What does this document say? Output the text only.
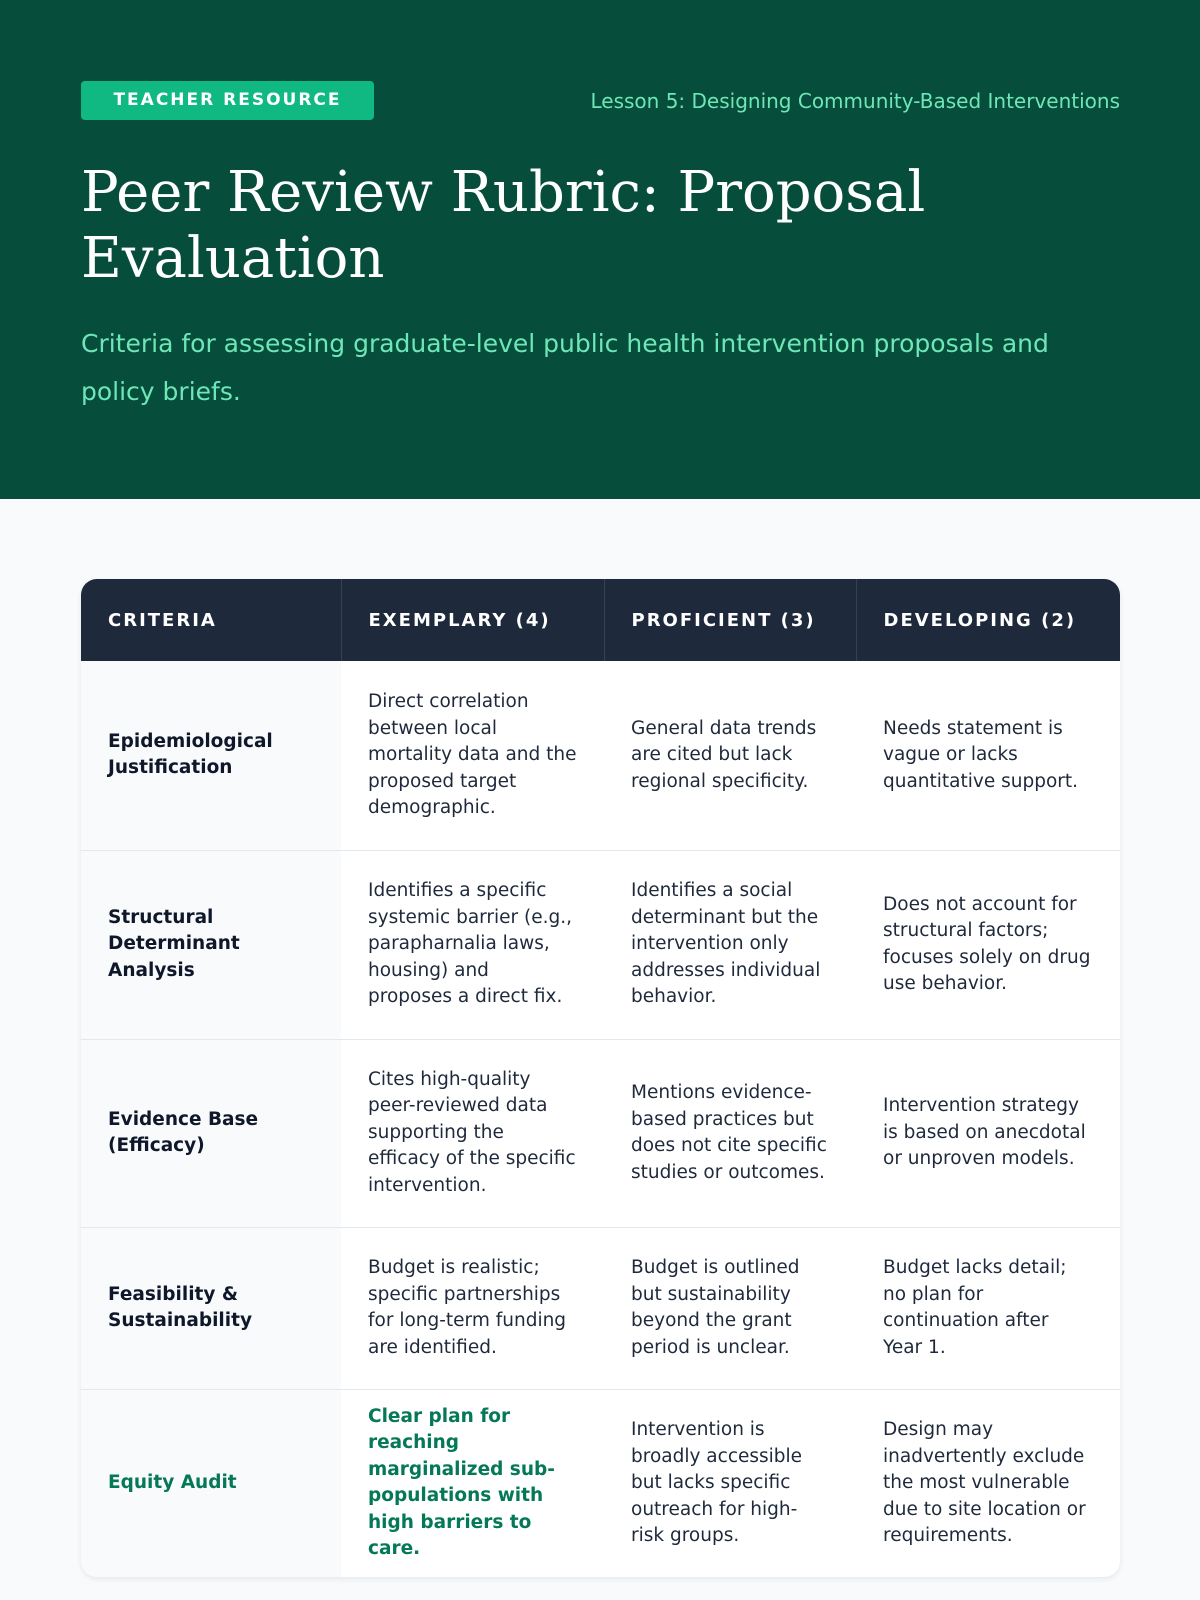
TEACHER RESOURCE	Lesson 5: Designing Community-Based Interventions
Peer Review Rubric: Proposal Evaluation

Criteria for assessing graduate-level public health intervention proposals and policy briefs.

CRITERIA	EXEMPLARY (4)	PROFICIENT (3)	DEVELOPING (2)
Epidemiological Justification	Direct correlation between local mortality data and the proposed target demographic.	General data trends are cited but lack regional specificity.	Needs statement is vague or lacks quantitative support.
Structural Determinant Analysis	Identifies a specific systemic barrier (e.g., parapharnalia laws, housing) and proposes a direct fix.	Identifies a social determinant but the intervention only addresses individual behavior.	Does not account for structural factors; focuses solely on drug use behavior.
Evidence Base (Efficacy)	Cites high-quality peer-reviewed data supporting the efficacy of the specific intervention.	Mentions evidence-based practices but does not cite specific studies or outcomes.	Intervention strategy is based on anecdotal or unproven models.
Feasibility & Sustainability	Budget is realistic; specific partnerships for long-term funding are identified.	Budget is outlined but sustainability beyond the grant period is unclear.	Budget lacks detail; no plan for continuation after Year 1.
Equity Audit	Clear plan for reaching marginalized sub-populations with high barriers to care.	Intervention is broadly accessible but lacks specific outreach for high-risk groups.	Design may inadvertently exclude the most vulnerable due to site location or requirements.
